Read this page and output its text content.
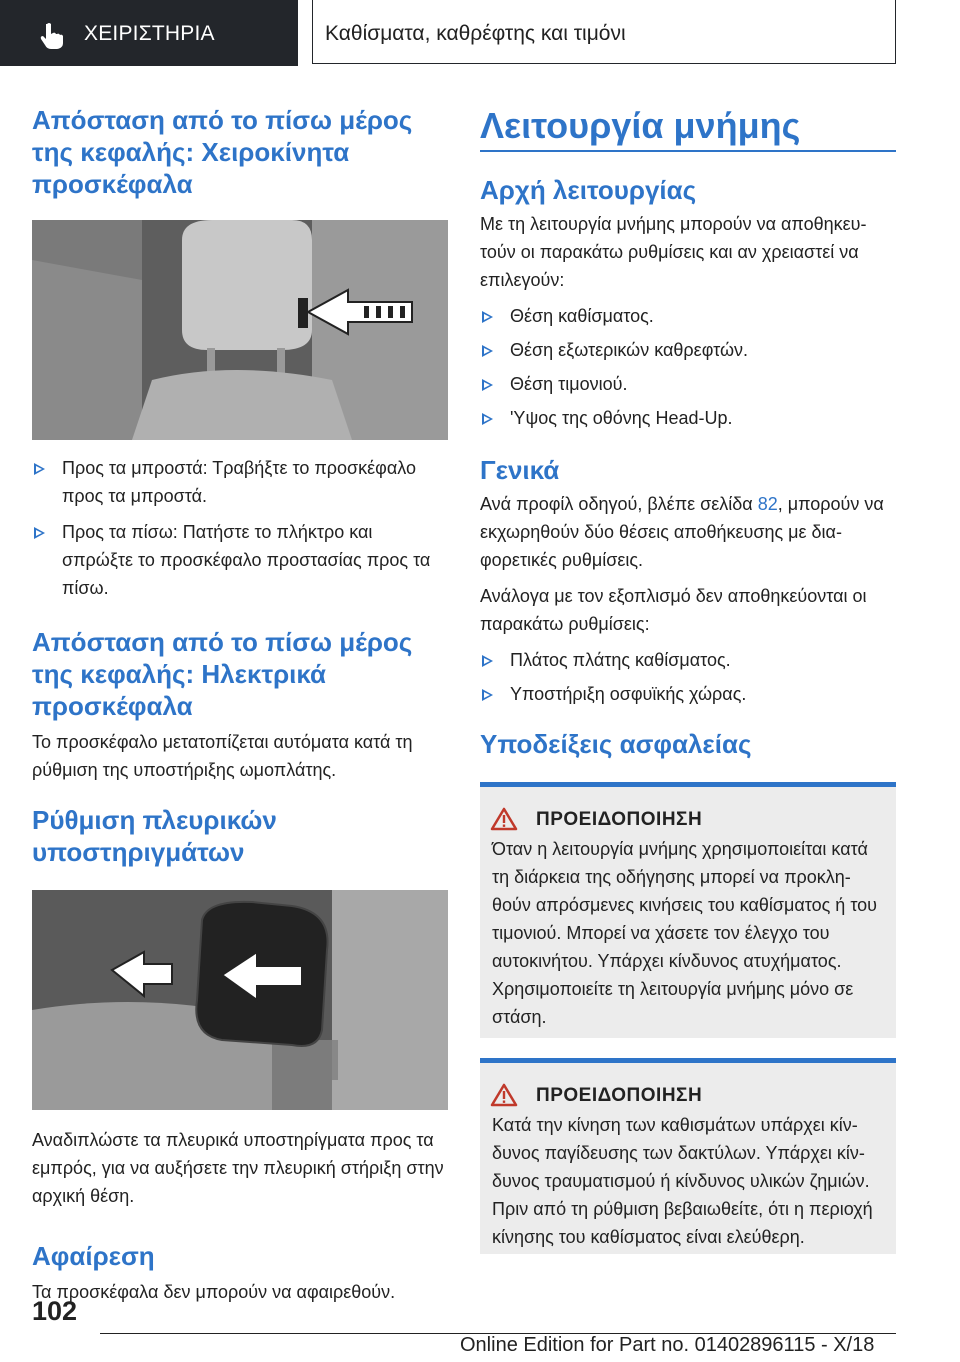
ΧΕΙΡΙΣΤΗΡΙΑ	Καθίσματα, καθρέφτης και τιμόνι
Απόσταση από το πίσω μέρος της κεφαλής: Χειροκίνητα προσκέφαλα
Προς τα μπροστά: Τραβήξτε το προσκέφαλο προς τα μπροστά.
Προς τα πίσω: Πατήστε το πλήκτρο και σπρώξτε το προσκέφαλο προστασίας προς τα πίσω.
Απόσταση από το πίσω μέρος της κεφαλής: Ηλεκτρικά προσκέφαλα

Το προσκέφαλο μετατοπίζεται αυτόματα κατά τη ρύθμιση της υποστήριξης ωμοπλάτης.

Ρύθμιση πλευρικών υποστηριγμάτων

Αναδιπλώστε τα πλευρικά υποστηρίγματα προς τα εμπρός, για να αυξήσετε την πλευρική στήριξη στην αρχική θέση.

Αφαίρεση

Τα προσκέφαλα δεν μπορούν να αφαιρεθούν.

Λειτουργία μνήμης
Αρχή λειτουργίας

Με τη λειτουργία μνήμης μπορούν να αποθηκευ-τούν οι παρακάτω ρυθμίσεις και αν χρειαστεί να επιλεγούν:

Θέση καθίσματος.
Θέση εξωτερικών καθρεφτών.
Θέση τιμονιού.
'Υψος της οθόνης Head-Up.
Γενικά

Ανά προφίλ οδηγού, βλέπε σελίδα 82, μπορούν να εκχωρηθούν δύο θέσεις αποθήκευσης με δια-φορετικές ρυθμίσεις.

Ανάλογα με τον εξοπλισμό δεν αποθηκεύονται οι παρακάτω ρυθμίσεις:

Πλάτος πλάτης καθίσματος.
Υποστήριξη οσφυϊκής χώρας.
Υποδείξεις ασφαλείας
ΠΡΟΕΙΔΟΠΟΙΗΣΗ

Όταν η λειτουργία μνήμης χρησιμοποιείται κατά τη διάρκεια της οδήγησης μπορεί να προκλη-θούν απρόσμενες κινήσεις του καθίσματος ή του τιμονιού. Μπορεί να χάσετε τον έλεγχο του αυτοκινήτου. Υπάρχει κίνδυνος ατυχήματος. Χρησιμοποιείτε τη λειτουργία μνήμης μόνο σε στάση.

ΠΡΟΕΙΔΟΠΟΙΗΣΗ

Κατά την κίνηση των καθισμάτων υπάρχει κίν-δυνος παγίδευσης των δακτύλων. Υπάρχει κίν-δυνος τραυματισμού ή κίνδυνος υλικών ζημιών. Πριν από τη ρύθμιση βεβαιωθείτε, ότι η περιοχή κίνησης του καθίσματος είναι ελεύθερη.

102
Online Edition for Part no. 01402896115 - X/18
